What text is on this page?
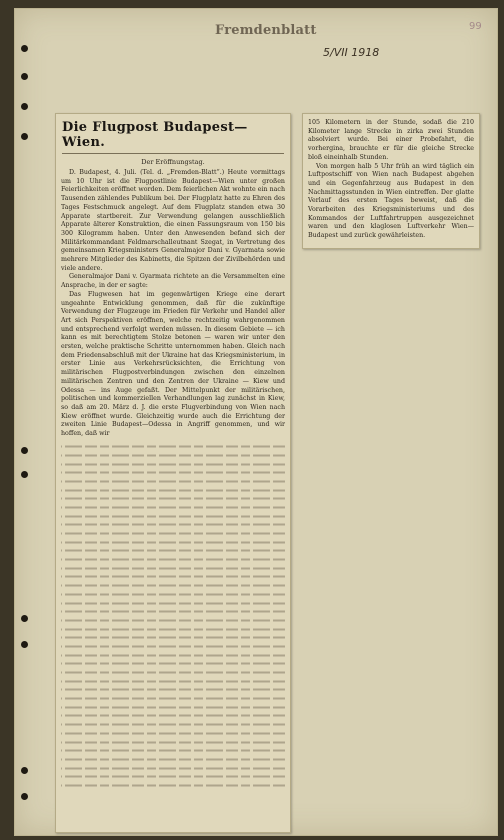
Fremdenblatt
5/VII 1918
99
Die Flugpost Budapest—Wien.
Der Eröffnungstag.

D. Budapest, 4. Juli. (Tel. d. „Fremden-Blatt“.) Heute vormittags um 10 Uhr ist die Flugpostlinie Budapest—Wien unter großen Feierlichkeiten eröffnet worden. Dem feierlichen Akt wohnte ein nach Tausenden zählendes Publikum bei. Der Flugplatz hatte zu Ehren des Tages Festschmuck angelegt. Auf dem Flugplatz standen etwa 30 Apparate startbereit. Zur Verwendung gelangen ausschließlich Apparate älterer Konstruktion, die einen Fassungsraum von 150 bis 300 Kilogramm haben. Unter den Anwesenden befand sich der Militärkommandant Feldmarschalleutnant Szegat, in Vertretung des gemeinsamen Kriegsministers Generalmajor Dani v. Gyarmata sowie mehrere Mitglieder des Kabinetts, die Spitzen der Zivilbehörden und viele andere.

Generalmajor Dani v. Gyarmata richtete an die Versammelten eine Ansprache, in der er sagte:

Das Flugwesen hat im gegenwärtigen Kriege eine derart ungeahnte Entwicklung genommen, daß für die zukünftige Verwendung der Flugzeuge im Frieden für Verkehr und Handel aller Art sich Perspektiven eröffnen, welche rechtzeitig wahrgenommen und entsprechend verfolgt werden müssen. In diesem Gebiete — ich kann es mit berechtigtem Stolze betonen — waren wir unter den ersten, welche praktische Schritte unternommen haben. Gleich nach dem Friedensabschluß mit der Ukraine hat das Kriegsministerium, in erster Linie aus Verkehrsrücksichten, die Errichtung von militärischen Flugpostverbindungen zwischen den einzelnen militärischen Zentren und den Zentren der Ukraine — Kiew und Odessa — ins Auge gefaßt. Der Mittelpunkt der militärischen, politischen und kommerziellen Verhandlungen lag zunächst in Kiew, so daß am 20. März d. J. die erste Flugverbindung von Wien nach Kiew eröffnet wurde. Gleichzeitig wurde auch die Errichtung der zweiten Linie Budapest—Odessa in Angriff genommen, und wir hoffen, daß wir

105 Kilometern in der Stunde, sodaß die 210 Kilometer lange Strecke in zirka zwei Stunden absolviert wurde. Bei einer Probefahrt, die vorhergina, brauchte er für die gleiche Strecke bloß eineinhalb Stunden.

Von morgen halb 5 Uhr früh an wird täglich ein Luftpostschiff von Wien nach Budapest abgehen und ein Gegenfahrzeug aus Budapest in den Nachmittagsstunden in Wien eintreffen. Der glatte Verlauf des ersten Tages beweist, daß die Vorarbeiten des Kriegsministeriums und des Kommandos der Luftfahrtruppen ausgezeichnet waren und den klaglosen Luftverkehr Wien—Budapest und zurück gewährleisten.
